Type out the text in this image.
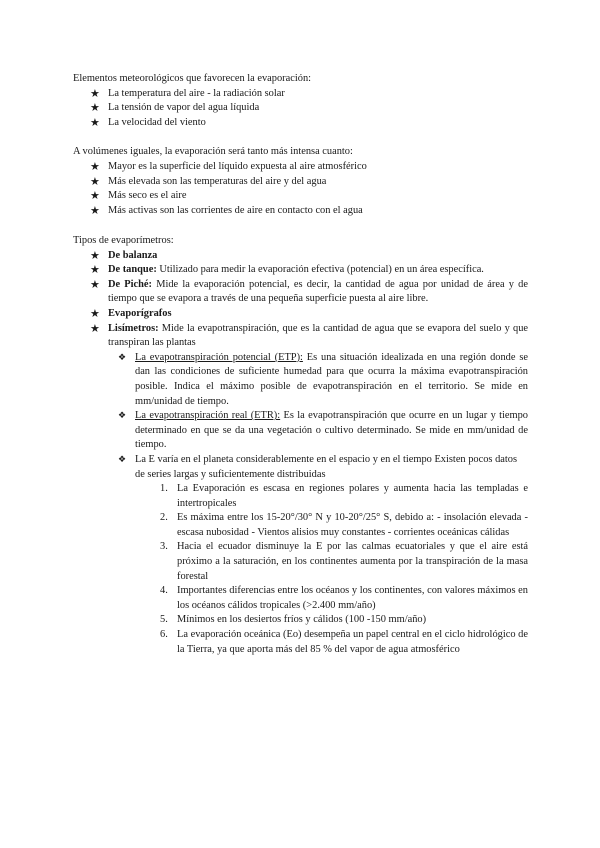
Elementos meteorológicos que favorecen la evaporación:

★ La temperatura del aire - la radiación solar
★ La tensión de vapor del agua líquida
★ La velocidad del viento

A volúmenes iguales, la evaporación será tanto más intensa cuanto:

★ Mayor es la superficie del líquido expuesta al aire atmosférico
★ Más elevada son las temperaturas del aire y del agua
★ Más seco es el aire
★ Más activas son las corrientes de aire en contacto con el agua

Tipos de evaporímetros:

★ De balanza
★ De tanque: Utilizado para medir la evaporación efectiva (potencial) en un área específica.
★ De Piché: Mide la evaporación potencial, es decir, la cantidad de agua por unidad de área y de tiempo que se evapora a través de una pequeña superficie puesta al aire libre.
★ Evaporígrafos
★ Lisímetros: Mide la evapotranspiración, que es la cantidad de agua que se evapora del suelo y que transpiran las plantas
❖ La evapotranspiración potencial (ETP): Es una situación idealizada en una región donde se dan las condiciones de suficiente humedad para que ocurra la máxima evapotranspiración posible. Indica el máximo posible de evapotranspiración en el territorio. Se mide en mm/unidad de tiempo.
❖ La evapotranspiración real (ETR): Es la evapotranspiración que ocurre en un lugar y tiempo determinado en que se da una vegetación o cultivo determinado. Se mide en mm/unidad de tiempo.
❖ La E varía en el planeta considerablemente en el espacio y en el tiempo Existen pocos datos de series largas y suficientemente distribuidas
1. La Evaporación es escasa en regiones polares y aumenta hacia las templadas e intertropicales
2. Es máxima entre los 15-20°/30° N y 10-20°/25° S, debido a: - insolación elevada - escasa nubosidad - Vientos alisios muy constantes - corrientes oceánicas cálidas
3. Hacia el ecuador disminuye la E por las calmas ecuatoriales y que el aire está próximo a la saturación, en los continentes aumenta por la transpiración de la masa forestal
4. Importantes diferencias entre los océanos y los continentes, con valores máximos en los océanos cálidos tropicales (>2.400 mm/año)
5. Mínimos en los desiertos fríos y cálidos (100 -150 mm/año)
6. La evaporación oceánica (Eo) desempeña un papel central en el ciclo hidrológico de la Tierra, ya que aporta más del 85 % del vapor de agua atmosférico
